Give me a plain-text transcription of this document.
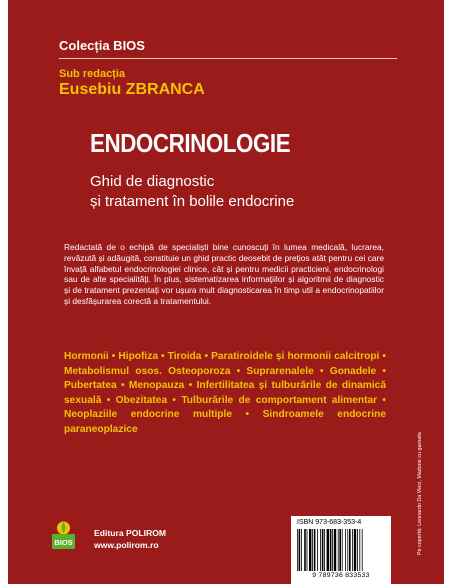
Colecția BIOS
Sub redacția
Eusebiu ZBRANCA
ENDOCRINOLOGIE
Ghid de diagnostic
și tratament în bolile endocrine
Redactată de o echipă de specialiști bine cunoscuți în lumea medicală, lucrarea, revăzută și adăugită, constituie un ghid practic deosebit de prețios atât pentru cei care învață alfabetul endocrinologiei clinice, cât și pentru medicii practicieni, endocrinologi sau de alte specialități. În plus, sistematizarea informațiilor și algoritmii de diagnostic și de tratament prezentați vor ușura mult diagnosticarea în timp util a endocrinopatiilor și desfășurarea corectă a tratamentului.
Hormonii • Hipofiza • Tiroida • Paratiroidele și hormonii calcitropi • Metabolismul osos. Osteoporoza • Suprarenalele • Gonadele • Pubertatea • Menopauza • Infertilitatea și tulburările de dinamică sexuală • Obezitatea • Tulburările de comportament alimentar • Neoplaziile endocrine multiple • Sindroamele endocrine paraneoplazice
Pe copertă: Leonardo Da Vinci, Madone cu garoafa
BIOS
Editura POLIROM
www.polirom.ro
ISBN 973-683-353-4
9 789736 833533
